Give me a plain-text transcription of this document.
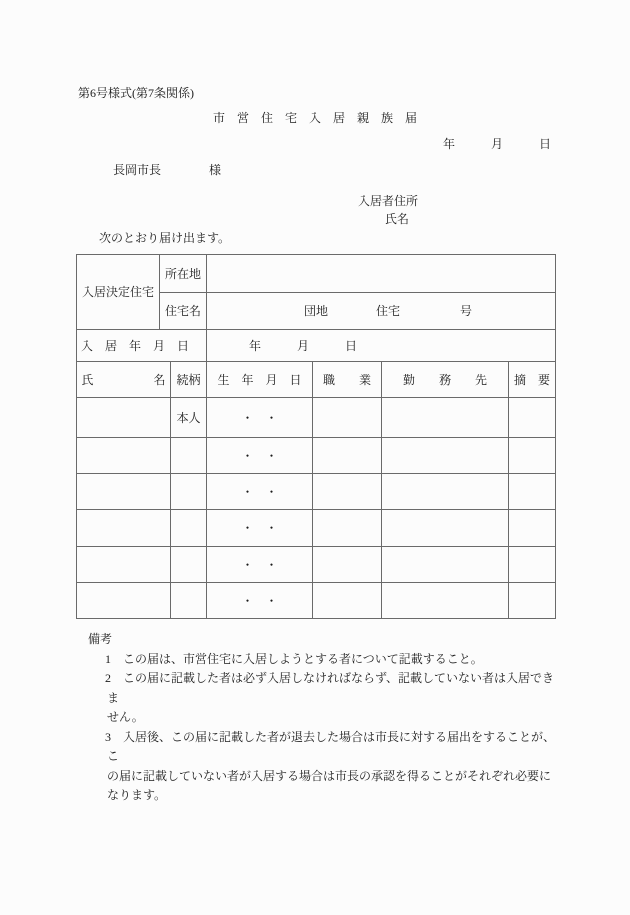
第6号様式(第7条関係)
市　営　住　宅　入　居　親　族　届
年　　　月　　　日
長岡市長　　　　様
入居者住所
氏名
次のとおり届け出ます。
入居決定住宅	所在地					
	住宅名		団地　　　　住宅　　　　　号			
入　居　年　月　日			年　　　月　　　日			
氏　　　　　名		続柄	生　年　月　日	職　　業	勤　　務　　先	摘　要
		本人	・　・			
			・　・			
			・　・			
			・　・			
			・　・			
			・　・			
備考
1 この届は、市営住宅に入居しようとする者について記載すること。
2 この届に記載した者は必ず入居しなければならず、記載していない者は入居できま
せん。
3 入居後、この届に記載した者が退去した場合は市長に対する届出をすることが、こ
の届に記載していない者が入居する場合は市長の承認を得ることがそれぞれ必要に
なります。
